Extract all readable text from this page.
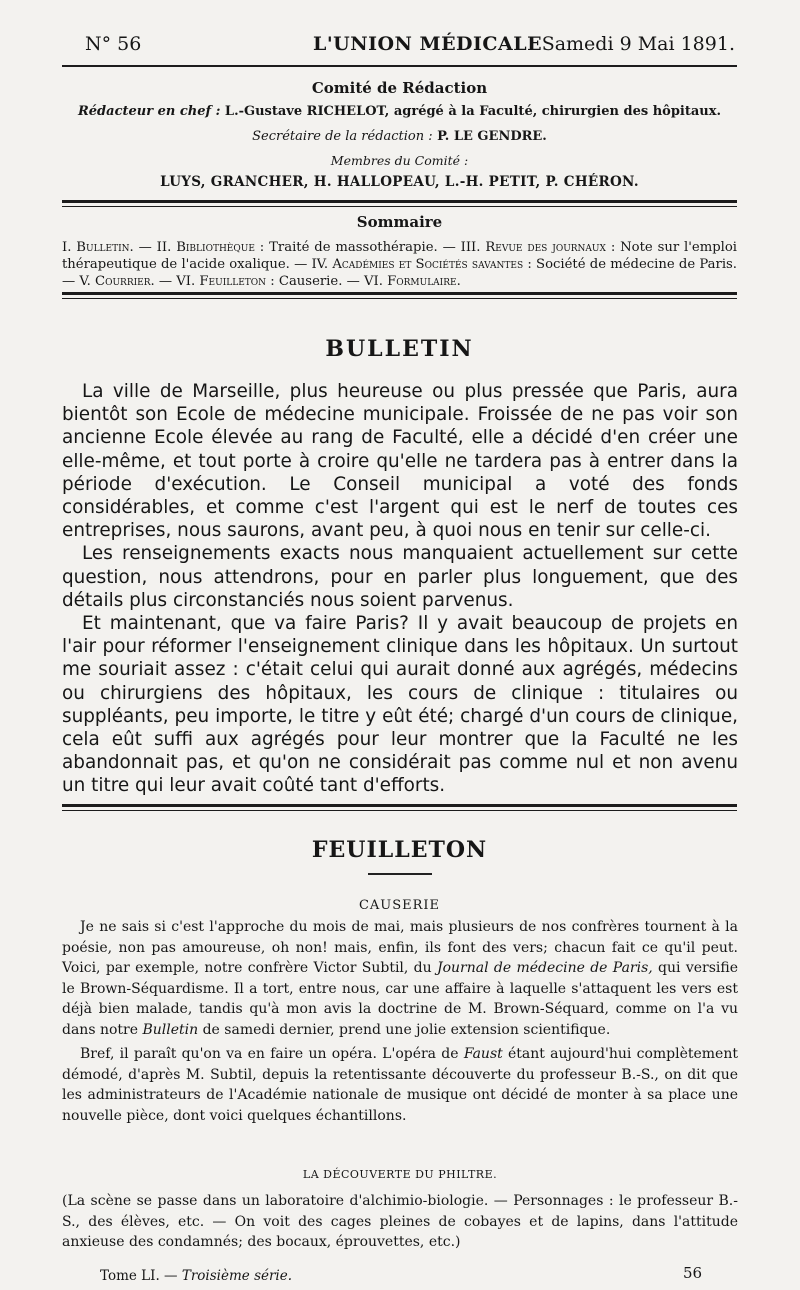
N° 56	L'UNION MÉDICALE Samedi 9 Mai 1891.
Comité de Rédaction
Rédacteur en chef : L.-Gustave RICHELOT, agrégé à la Faculté, chirurgien des hôpitaux.
Secrétaire de la rédaction : P. LE GENDRE.
Membres du Comité :
LUYS, GRANCHER, H. HALLOPEAU, L.-H. PETIT, P. CHÉRON.
Sommaire
I. Bulletin. — II. Bibliothèque : Traité de massothérapie. — III. Revue des journaux : Note sur l'emploi thérapeutique de l'acide oxalique. — IV. Académies et Sociétés savantes : Société de médecine de Paris. — V. Courrier. — VI. Feuilleton : Causerie. — VI. Formulaire.
BULLETIN

La ville de Marseille, plus heureuse ou plus pressée que Paris, aura bientôt son Ecole de médecine municipale. Froissée de ne pas voir son ancienne Ecole élevée au rang de Faculté, elle a décidé d'en créer une elle-même, et tout porte à croire qu'elle ne tardera pas à entrer dans la période d'exécution. Le Conseil municipal a voté des fonds considérables, et comme c'est l'argent qui est le nerf de toutes ces entreprises, nous saurons, avant peu, à quoi nous en tenir sur celle-ci.

Les renseignements exacts nous manquaient actuellement sur cette question, nous attendrons, pour en parler plus longuement, que des détails plus circonstanciés nous soient parvenus.

Et maintenant, que va faire Paris? Il y avait beaucoup de projets en l'air pour réformer l'enseignement clinique dans les hôpitaux. Un surtout me souriait assez : c'était celui qui aurait donné aux agrégés, médecins ou chirurgiens des hôpitaux, les cours de clinique : titulaires ou suppléants, peu importe, le titre y eût été; chargé d'un cours de clinique, cela eût suffi aux agrégés pour leur montrer que la Faculté ne les abandonnait pas, et qu'on ne considérait pas comme nul et non avenu un titre qui leur avait coûté tant d'efforts.

FEUILLETON
CAUSERIE

Je ne sais si c'est l'approche du mois de mai, mais plusieurs de nos confrères tournent à la poésie, non pas amoureuse, oh non! mais, enfin, ils font des vers; chacun fait ce qu'il peut. Voici, par exemple, notre confrère Victor Subtil, du Journal de médecine de Paris, qui versifie le Brown-Séquardisme. Il a tort, entre nous, car une affaire à laquelle s'attaquent les vers est déjà bien malade, tandis qu'à mon avis la doctrine de M. Brown-Séquard, comme on l'a vu dans notre Bulletin de samedi dernier, prend une jolie extension scientifique.

Bref, il paraît qu'on va en faire un opéra. L'opéra de Faust étant aujourd'hui complètement démodé, d'après M. Subtil, depuis la retentissante découverte du professeur B.-S., on dit que les administrateurs de l'Académie nationale de musique ont décidé de monter à sa place une nouvelle pièce, dont voici quelques échantillons.

LA DÉCOUVERTE DU PHILTRE.

(La scène se passe dans un laboratoire d'alchimio-biologie. — Personnages : le professeur B.-S., des élèves, etc. — On voit des cages pleines de cobayes et de lapins, dans l'attitude anxieuse des condamnés; des bocaux, éprouvettes, etc.)

Tome LI. — Troisième série.	56
